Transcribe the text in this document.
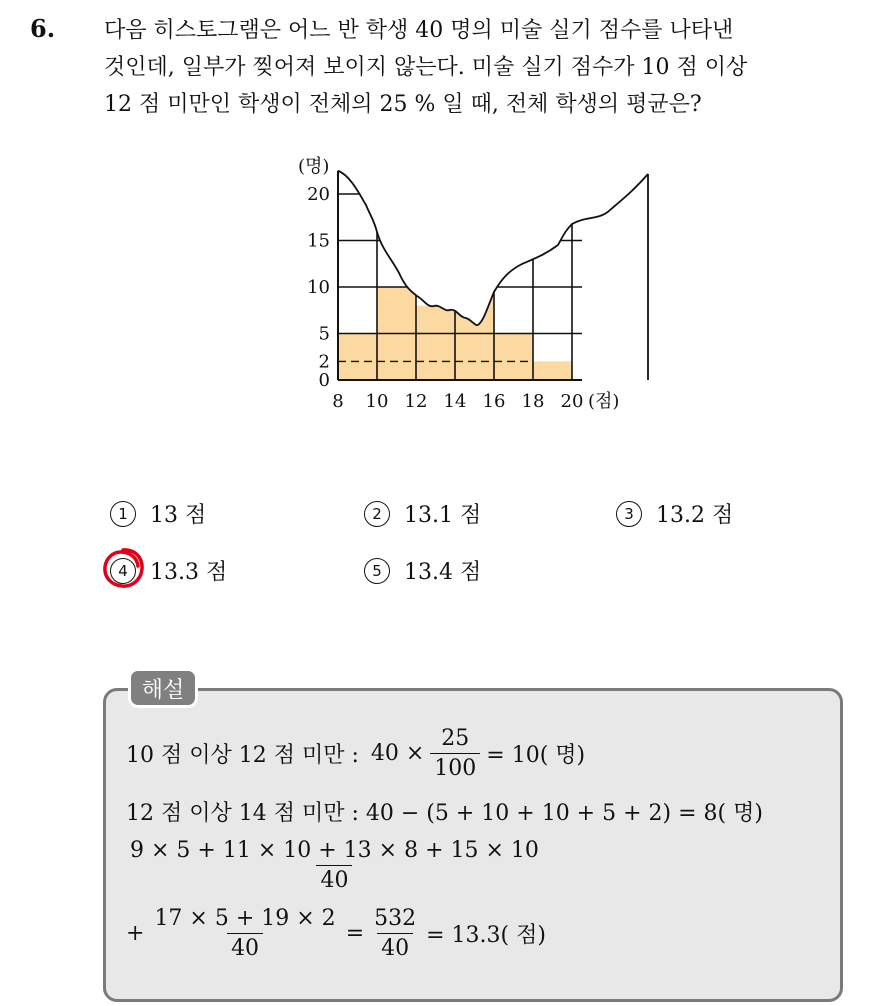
6. 다음 히스토그램은 어느 반 학생 40 명의 미술 실기 점수를 나타낸
것인데, 일부가 찢어져 보이지 않는다. 미술 실기 점수가 10 점 이상
12 점 미만인 학생이 전체의 25 % 일 때, 전체 학생의 평균은?
20
15
10
5
2
0
8 10 12 14 16 18 20
(명)
(점)
1	13 점	2	13.1 점	3	13.2 점
4	13.3 점	5	13.4 점
해설
10 점 이상 12 점 미만 : $40 \times \frac{25}{100} = 10$( 명)
12 점 이상 14 점 미만 : 40 − (5 + 10 + 10 + 5 + 2) = 8( 명)
$\frac{9 \times 5 + 11 \times 10 + 13 \times 8 + 15 \times 10}{40}$
+ $\frac{17 \times 5 + 19 \times 2}{40} = \frac{532}{40} = 13.3$( 점)
